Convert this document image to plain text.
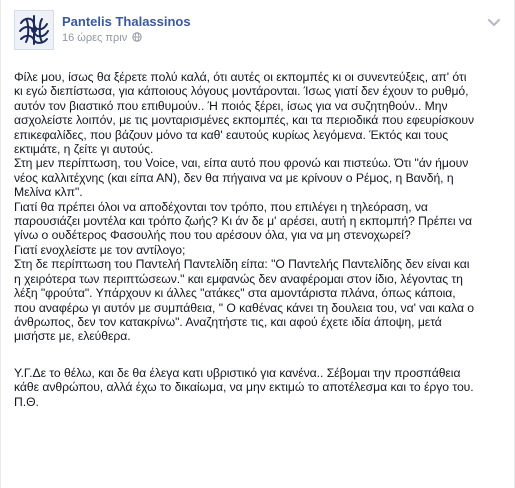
Pantelis Thalassinos
16 ώρες πριν

Φίλε μου, ίσως θα ξέρετε πολύ καλά, ότι αυτές οι εκπομπές κι οι συνεντεύξεις, απ' ότι

κι εγώ διεπίστωσα, για κάποιους λόγους μοντάρονται. Ίσως γιατί δεν έχουν το ρυθμό,

αυτόν τον βιαστικό που επιθυμούν.. Ή ποιός ξέρει, ίσως για να συζητηθούν.. Μην

ασχολείστε λοιπόν, με τις μονταρισμένες εκπομπές, και τα περιοδικά που εφευρίσκουν

επικεφαλίδες, που βάζουν μόνο τα καθ' εαυτούς κυρίως λεγόμενα. Έκτός και τους

εκτιμάτε, η ζείτε γι αυτούς.

Στη μεν περίπτωση, του Voice, ναι, είπα αυτό που φρονώ και πιστεύω. Ότι "άν ήμουν

νέος καλλιτέχνης (και είπα ΑΝ), δεν θα πήγαινα να με κρίνουν ο Ρέμος, η Βανδή, η

Μελίνα κλπ".

Γιατί θα πρέπει όλοι να αποδέχονται τον τρόπο, που επιλέγει η τηλεόραση, να

παρουσιάζει μοντέλα και τρόπο ζωής? Κι άν δε μ' αρέσει, αυτή η εκπομπή? Πρέπει να

γίνω ο ουδέτερος Φασουλής που του αρέσουν όλα, για να μη στενοχωρεί?

Γιατί ενοχλείστε με τον αντίλογο;

Στη δε περίπτωση του Παντελή Παντελίδη είπα: "Ο Παντελής Παντελίδης δεν είναι και

η χειρότερα των περιπτώσεων." και εμφανώς δεν αναφέρομαι στον ίδιο, λέγοντας τη

λέξη "φρούτα". Υπάρχουν κι άλλες "ατάκες" στα αμοντάριστα πλάνα, όπως κάποια,

που αναφέρω γι αυτόν με συμπάθεια, " Ο καθένας κάνει τη δουλεια του, να' ναι καλα ο

άνθρωπος, δεν τον κατακρίνω". Αναζητήστε τις, και αφού έχετε ιδία άποψη, μετά

μισήστε με, ελεύθερα.

Υ.Γ.Δε το θέλω, και δε θα έλεγα κατι υβριστικό για κανένα.. Σέβομαι την προσπάθεια

κάθε ανθρώπου, αλλά έχω το δικαίωμα, να μην εκτιμώ το αποτέλεσμα και το έργο του.

Π.Θ.
